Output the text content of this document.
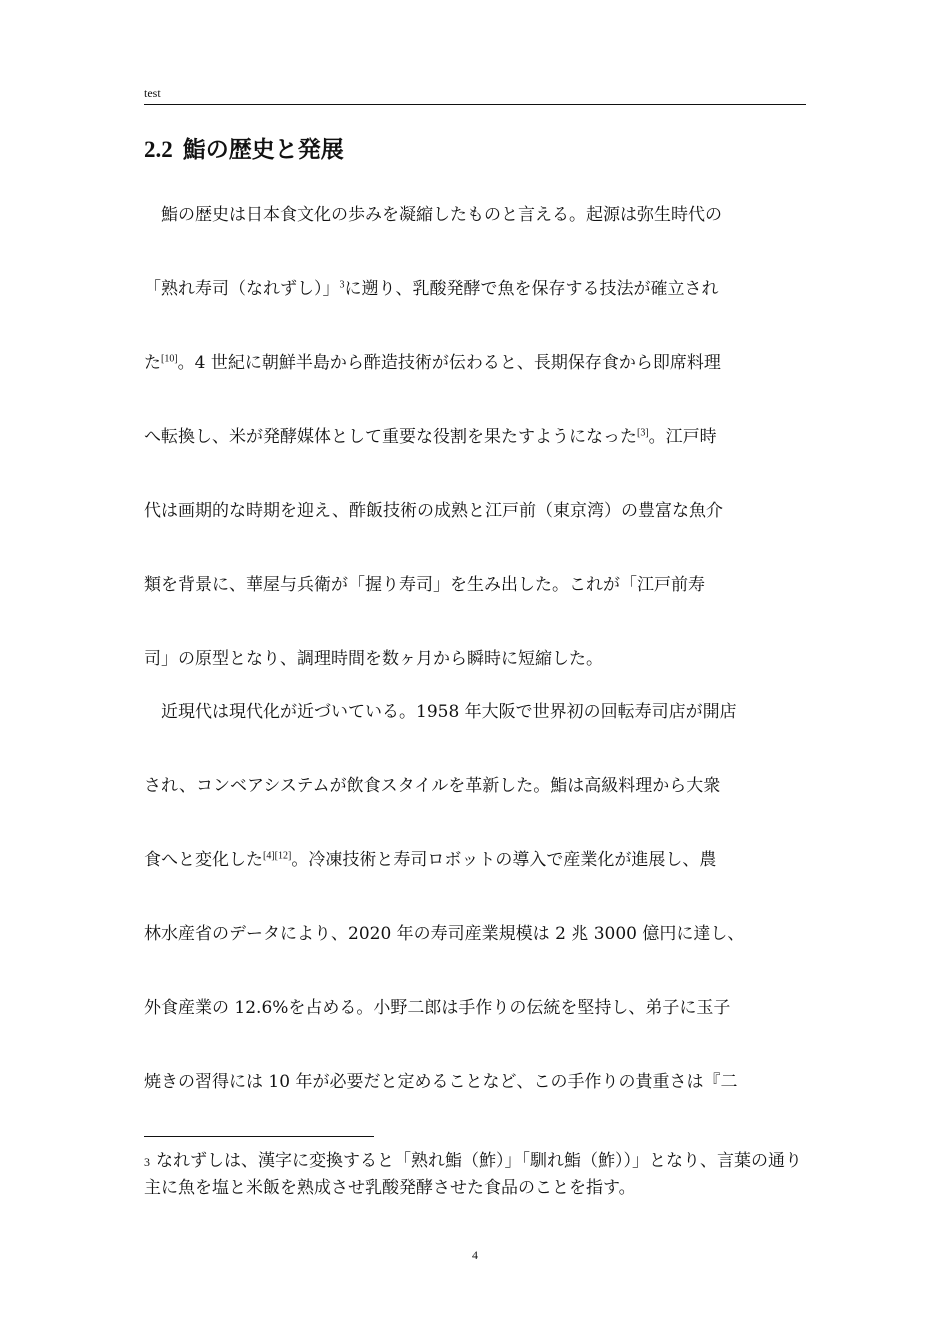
test
2.2 鮨の歴史と発展
　鮨の歴史は日本食文化の歩みを凝縮したものと言える。起源は弥生時代の
「熟れ寿司（なれずし）」$^3$に遡り、乳酸発酵で魚を保存する技法が確立され
た[10]。4 世紀に朝鮮半島から酢造技術が伝わると、長期保存食から即席料理
へ転換し、米が発酵媒体として重要な役割を果たすようになった[3]。江戸時
代は画期的な時期を迎え、酢飯技術の成熟と江戸前（東京湾）の豊富な魚介
類を背景に、華屋与兵衛が「握り寿司」を生み出した。これが「江戸前寿
司」の原型となり、調理時間を数ヶ月から瞬時に短縮した。
　近現代は現代化が近づいている。1958 年大阪で世界初の回転寿司店が開店
され、コンベアシステムが飲食スタイルを革新した。鮨は高級料理から大衆
食へと変化した[4][12]。冷凍技術と寿司ロボットの導入で産業化が進展し、農
林水産省のデータにより、2020 年の寿司産業規模は 2 兆 3000 億円に達し、
外食産業の 12.6%を占める。小野二郎は手作りの伝統を堅持し、弟子に玉子
焼きの習得には 10 年が必要だと定めることなど、この手作りの貴重さは『二
3 なれずしは、漢字に変換すると「熟れ鮨（鮓）」「馴れ鮨（鮓））」となり、言葉の通り主に魚を塩と米飯を熟成させ乳酸発酵させた食品のことを指す。
4
